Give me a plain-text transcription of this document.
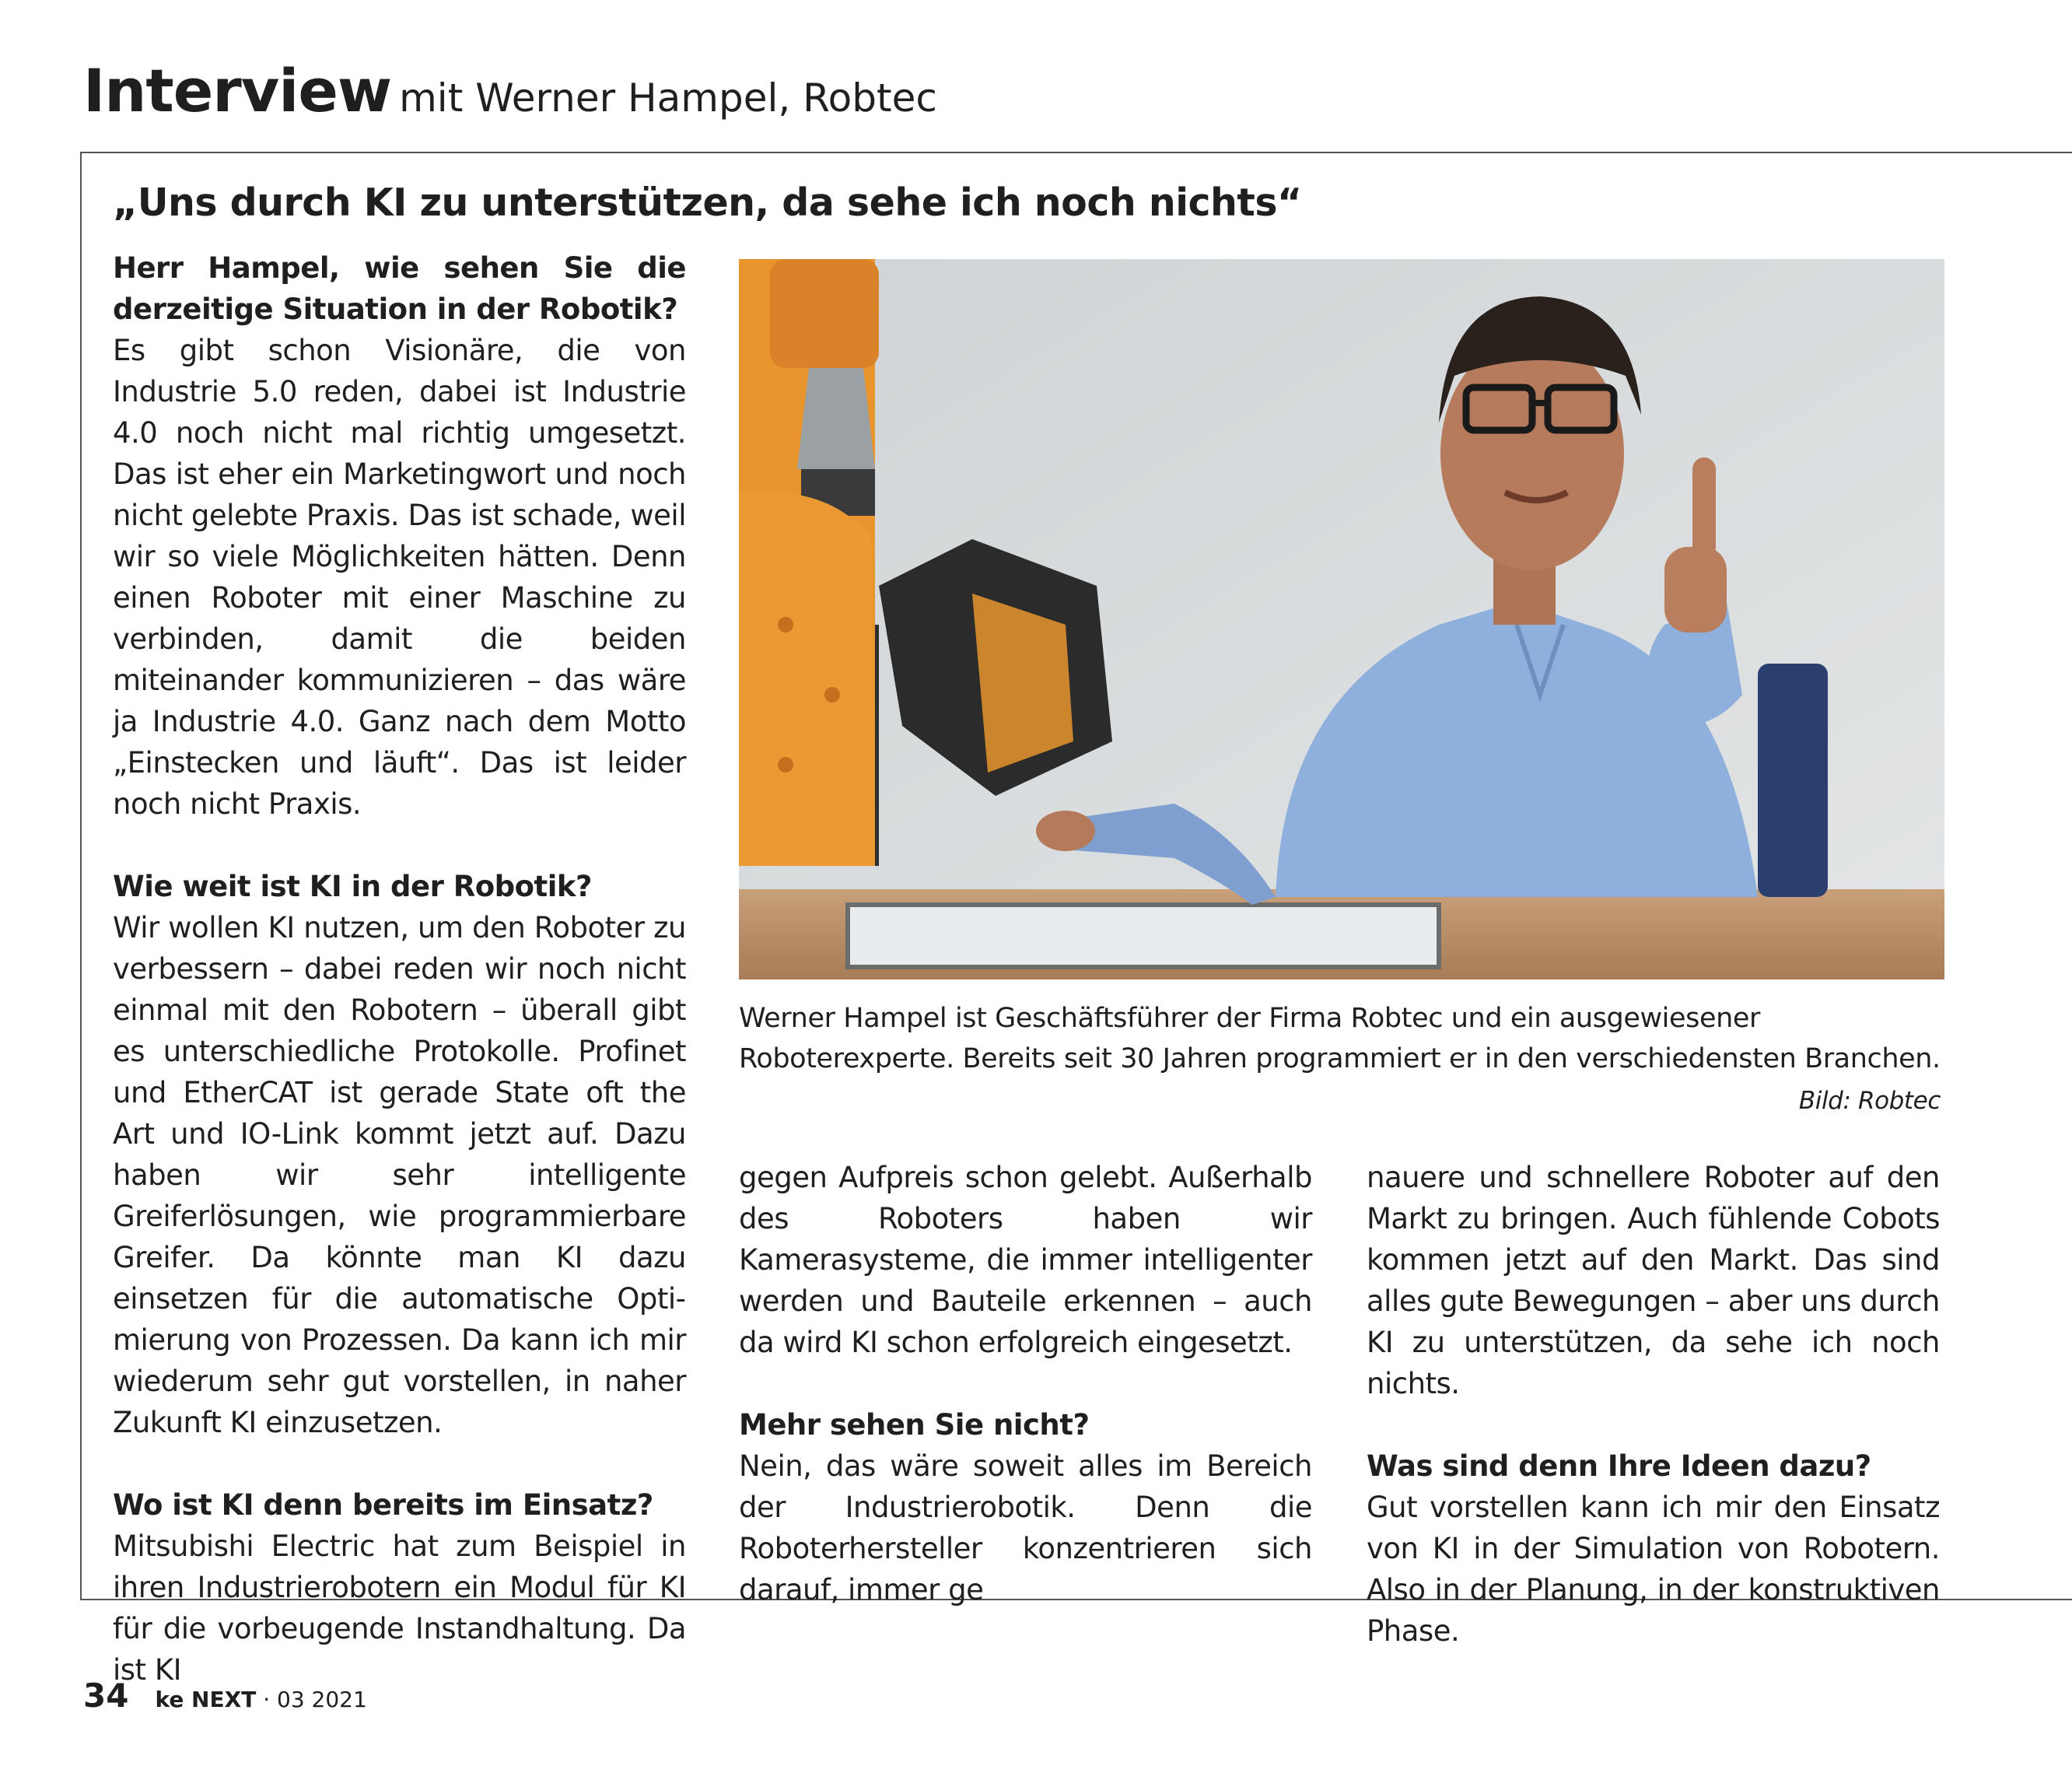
Interview mit Werner Hampel, Robtec
„Uns durch KI zu unterstützen, da sehe ich noch nichts“

Herr Hampel, wie sehen Sie die derzeitige Situation in der Robotik?

Es gibt schon Visionäre, die von Industrie 5.0 reden, dabei ist Industrie 4.0 noch nicht mal richtig umgesetzt. Das ist eher ein Marketingwort und noch nicht gelebte Praxis. Das ist schade, weil wir so viele Möglichkeiten hätten. Denn einen Roboter mit einer Maschine zu verbinden, damit die beiden miteinander kommunizieren – das wäre ja Industrie 4.0. Ganz nach dem Motto „Einstecken und läuft“. Das ist leider noch nicht Praxis.

Wie weit ist KI in der Robotik?

Wir wollen KI nutzen, um den Roboter zu verbessern – dabei reden wir noch nicht einmal mit den Robotern – überall gibt es unterschiedliche Protokolle. Profinet und EtherCAT ist gerade State oft the Art und IO-Link kommt jetzt auf. Dazu haben wir sehr intelligente Greiferlösungen, wie programmierbare Greifer. Da könnte man KI dazu einsetzen für die automatische Optimierung von Prozessen. Da kann ich mir wiederum sehr gut vorstellen, in naher Zukunft KI einzusetzen.

Wo ist KI denn bereits im Einsatz?

Mitsubishi Electric hat zum Beispiel in ihren Industrierobotern ein Modul für KI für die vorbeugende Instandhaltung. Da ist KI

Werner Hampel ist Geschäftsführer der Firma Robtec und ein ausgewiesener Roboterexperte. Bereits seit 30 Jahren programmiert er in den verschiedensten Branchen.
Bild: Robtec

gegen Aufpreis schon gelebt. Außerhalb des Roboters haben wir Kamerasysteme, die immer intelligenter werden und Bauteile erkennen – auch da wird KI schon erfolgreich eingesetzt.

Mehr sehen Sie nicht?

Nein, das wäre soweit alles im Bereich der Industrierobotik. Denn die Roboterhersteller konzentrieren sich darauf, immer ge

nauere und schnellere Roboter auf den Markt zu bringen. Auch fühlende Cobots kommen jetzt auf den Markt. Das sind alles gute Bewegungen – aber uns durch KI zu unterstützen, da sehe ich noch nichts.

Was sind denn Ihre Ideen dazu?

Gut vorstellen kann ich mir den Einsatz von KI in der Simulation von Robotern. Also in der Planung, in der konstruktiven Phase.

34 ke NEXT · 03 2021
